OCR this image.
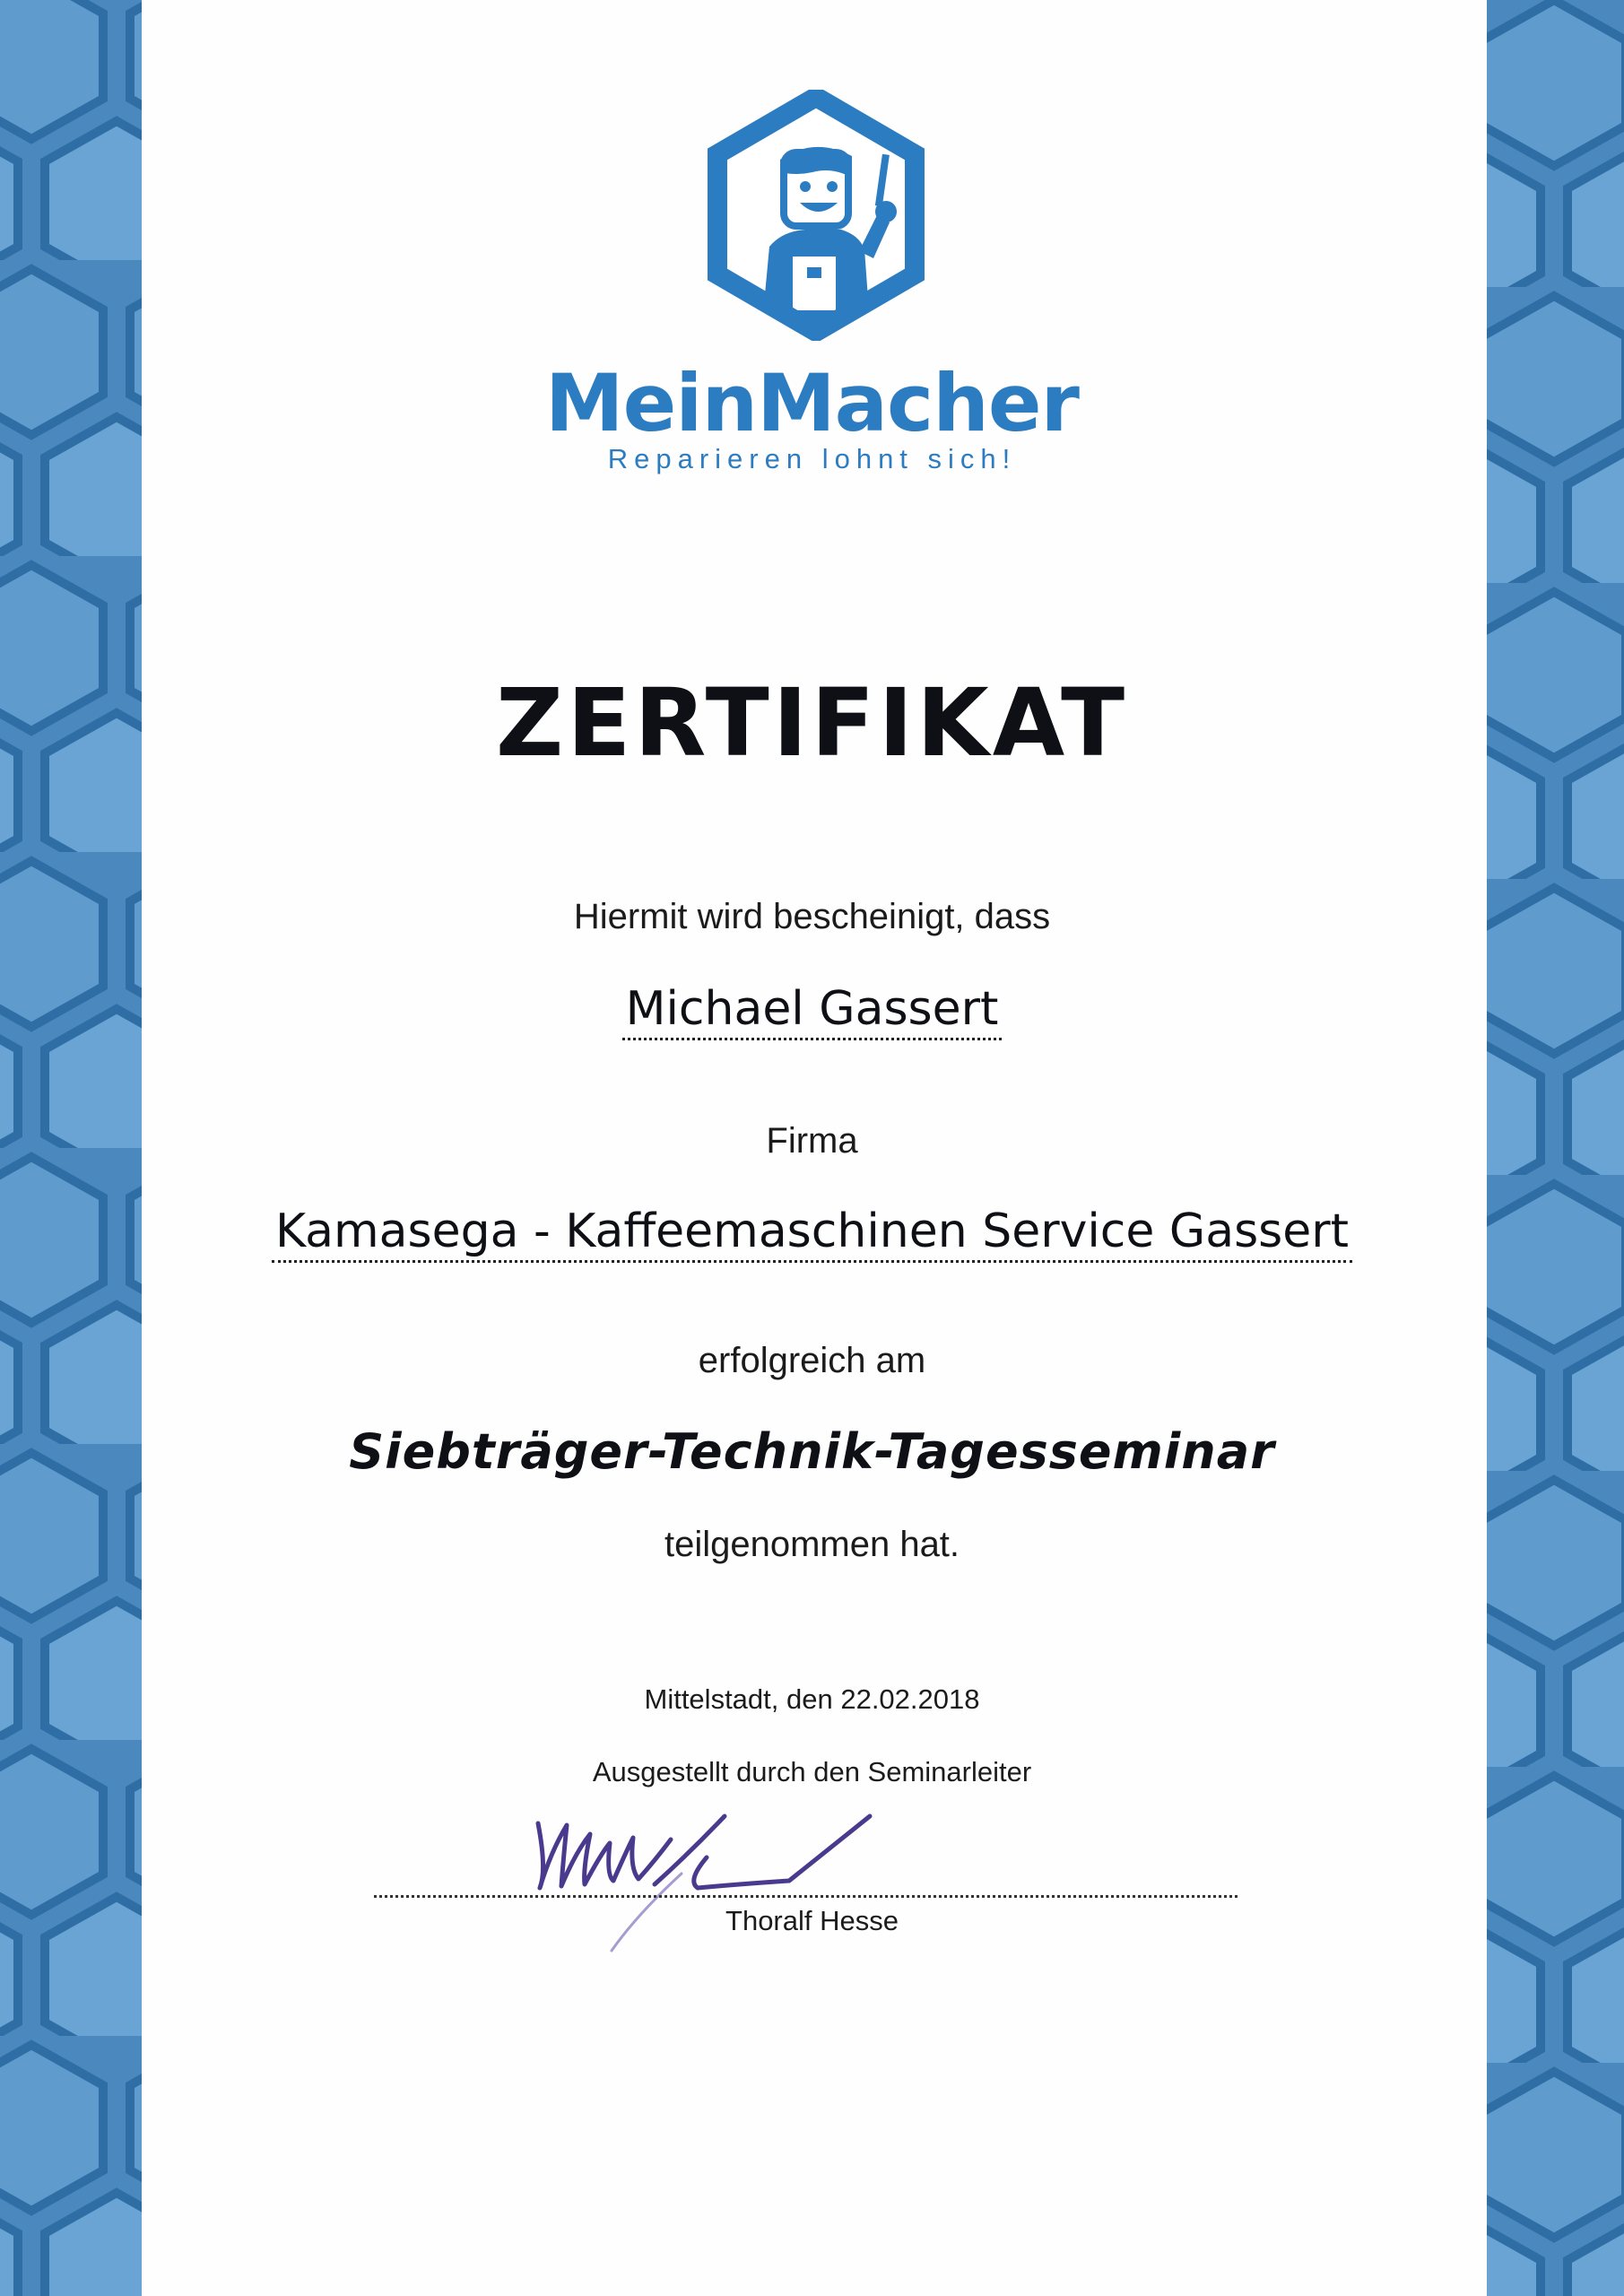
MeinMacher
Reparieren lohnt sich!
ZERTIFIKAT
Hiermit wird bescheinigt, dass
Michael Gassert
Firma
Kamasega - Kaffeemaschinen Service Gassert
erfolgreich am
Siebträger-Technik-Tagesseminar
teilgenommen hat.
Mittelstadt, den 22.02.2018
Ausgestellt durch den Seminarleiter
Thoralf Hesse
